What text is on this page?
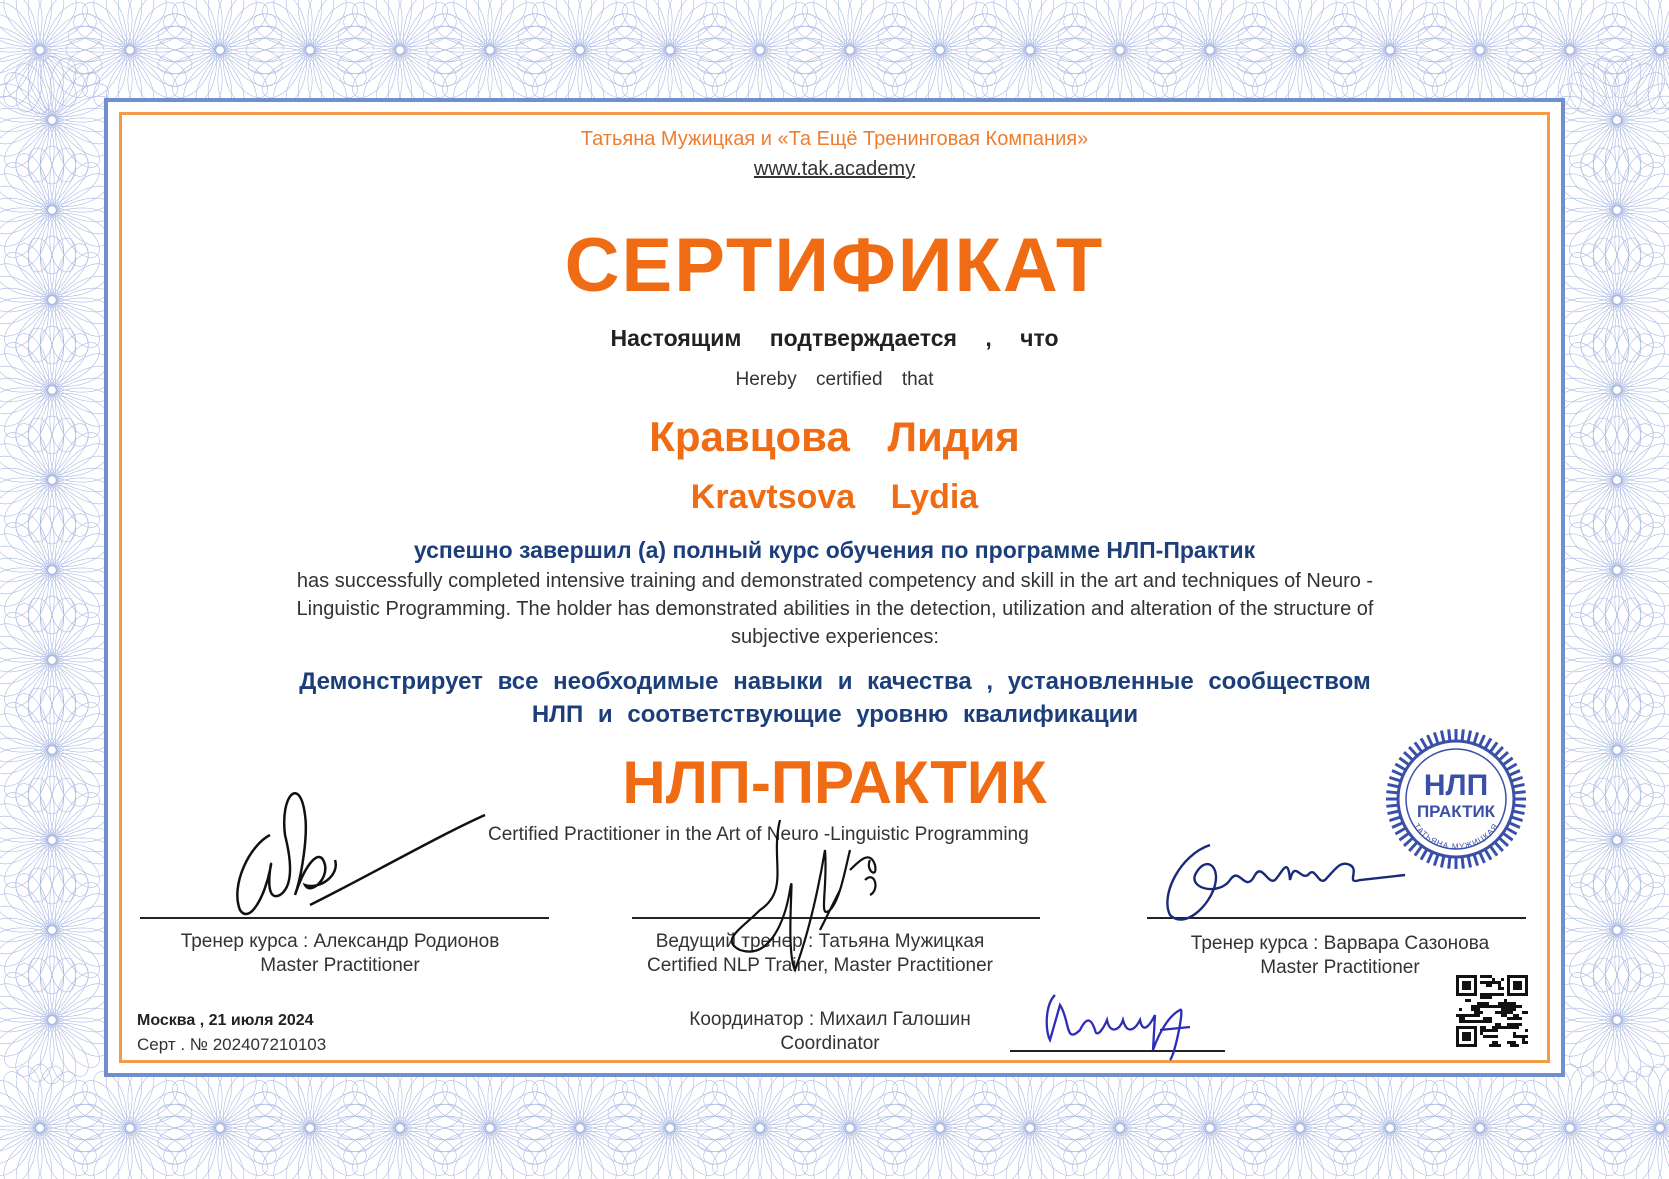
Татьяна Мужицкая и «Та Ещё Тренинговая Компания»
www.tak.academy
СЕРТИФИКАТ
Настоящим подтверждается , что
Hereby certified that
Кравцова Лидия
Kravtsova Lydia
успешно завершил (а) полный курс обучения по программе НЛП-Практик
has successfully completed intensive training and demonstrated competency and skill in the art and techniques of Neuro -Linguistic Programming. The holder has demonstrated abilities in the detection, utilization and alteration of the structure of subjective experiences:
Демонстрирует все необходимые навыки и качества , установленные сообществом НЛП и соответствующие уровню квалификации
НЛП-ПРАКТИК
Certified Practitioner in the Art of Neuro -Linguistic Programming
Тренер курса : Александр Родионов
Master Practitioner
Ведущий тренер : Татьяна Мужицкая
Certified NLP Trainer, Master Practitioner
Тренер курса : Варвара Сазонова
Master Practitioner
Координатор : Михаил Галошин
Coordinator
Москва , 21 июля 2024
Серт . № 202407210103
НЛП
ПРАКТИК
ТАТЬЯНА МУЖИЦКАЯ
